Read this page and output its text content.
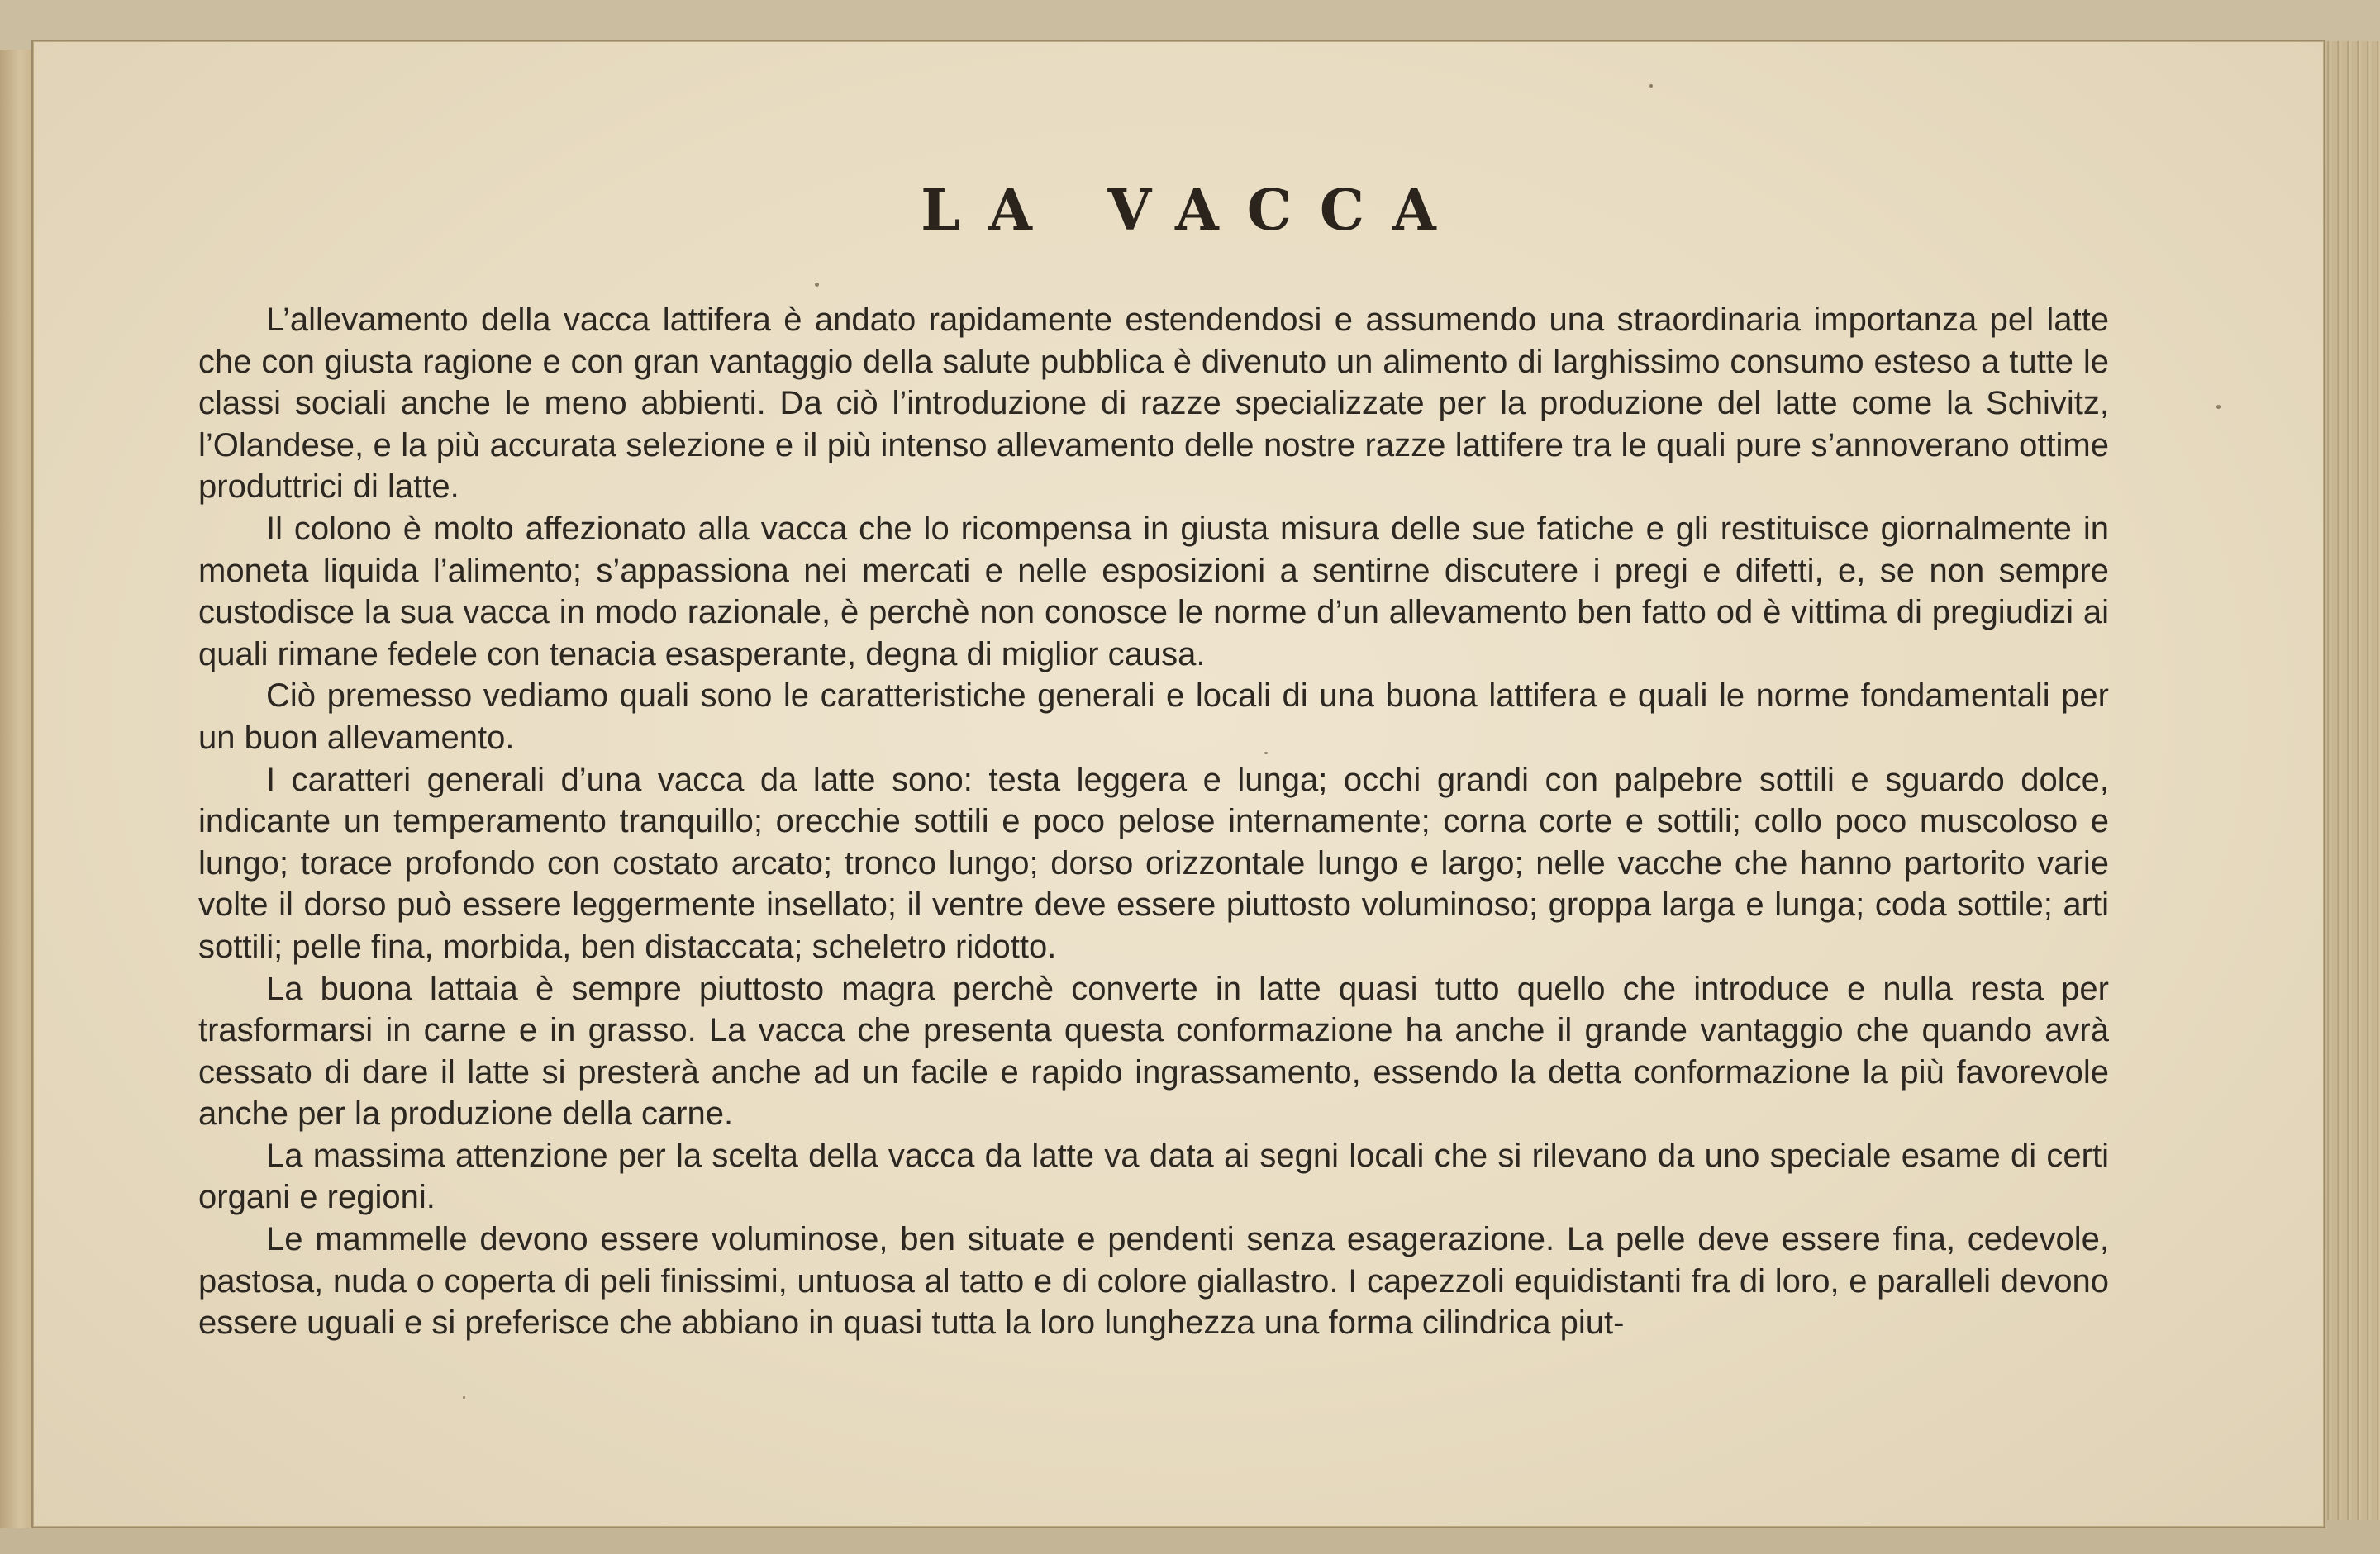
LA VACCA

L’allevamento della vacca lattifera è andato rapidamente estendendosi e assumendo una straordinaria importanza pel latte che con giusta ragione e con gran vantaggio della salute pubblica è divenuto un alimento di larghissimo consumo esteso a tutte le classi sociali anche le meno abbienti. Da ciò l’introduzione di razze specializzate per la produzione del latte come la Schivitz, l’Olandese, e la più accurata selezione e il più intenso allevamento delle nostre razze lattifere tra le quali pure s’annoverano ottime produttrici di latte.

Il colono è molto affezionato alla vacca che lo ricompensa in giusta misura delle sue fatiche e gli restituisce giornalmente in moneta liquida l’alimento; s’appassiona nei mercati e nelle esposizioni a sentirne discutere i pregi e difetti, e, se non sempre custodisce la sua vacca in modo razionale, è perchè non conosce le norme d’un allevamento ben fatto od è vittima di pregiudizi ai quali rimane fedele con tenacia esasperante, degna di miglior causa.

Ciò premesso vediamo quali sono le caratteristiche generali e locali di una buona lattifera e quali le norme fondamentali per un buon allevamento.

I caratteri generali d’una vacca da latte sono: testa leggera e lunga; occhi grandi con palpebre sottili e sguardo dolce, indicante un temperamento tranquillo; orecchie sottili e poco pelose internamente; corna corte e sottili; collo poco muscoloso e lungo; torace profondo con costato arcato; tronco lungo; dorso orizzontale lungo e largo; nelle vacche che hanno partorito varie volte il dorso può essere leggermente insellato; il ventre deve essere piuttosto voluminoso; groppa larga e lunga; coda sottile; arti sottili; pelle fina, morbida, ben distaccata; scheletro ridotto.

La buona lattaia è sempre piuttosto magra perchè converte in latte quasi tutto quello che introduce e nulla resta per trasformarsi in carne e in grasso. La vacca che presenta questa conformazione ha anche il grande vantaggio che quando avrà cessato di dare il latte si presterà anche ad un facile e rapido ingrassamento, essendo la detta conformazione la più favorevole anche per la produzione della carne.

La massima attenzione per la scelta della vacca da latte va data ai segni locali che si rilevano da uno speciale esame di certi organi e regioni.

Le mammelle devono essere voluminose, ben situate e pendenti senza esagerazione. La pelle deve essere fina, cedevole, pastosa, nuda o coperta di peli finissimi, untuosa al tatto e di colore giallastro. I capezzoli equidistanti fra di loro, e paralleli devono essere uguali e si preferisce che abbiano in quasi tutta la loro lunghezza una forma cilindrica piut-
